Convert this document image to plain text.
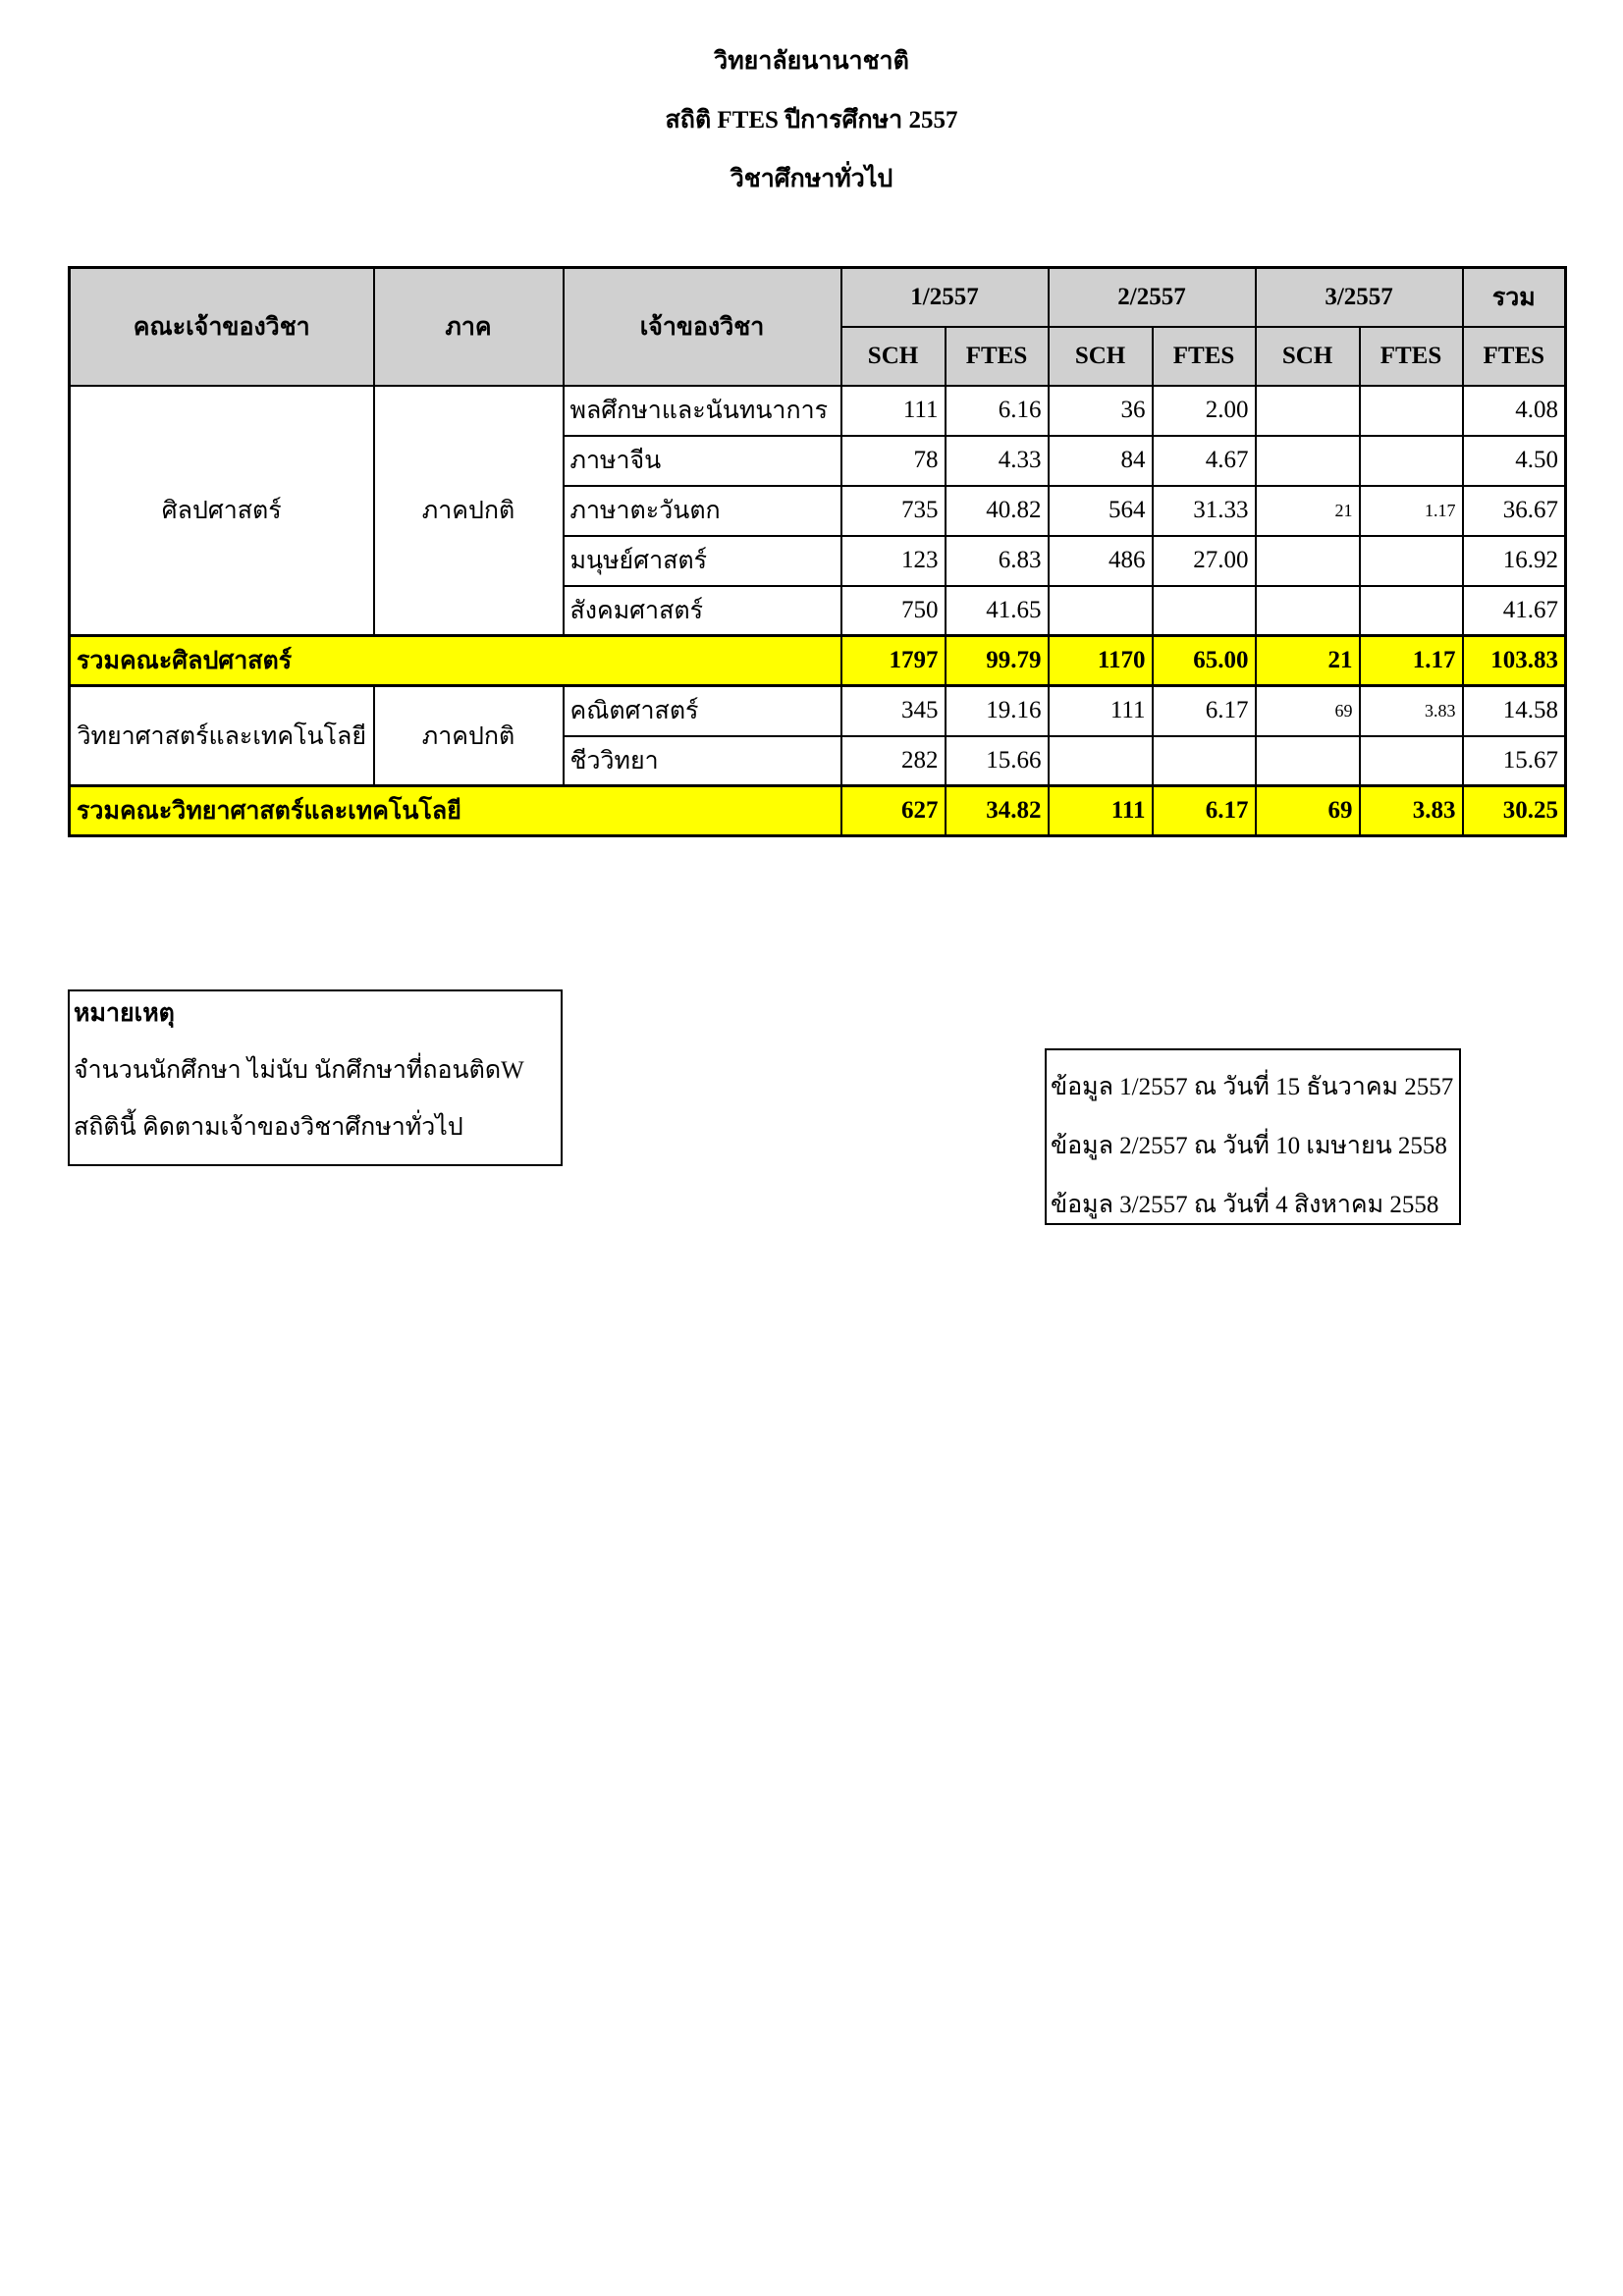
วิทยาลัยนานาชาติ
สถิติ FTES ปีการศึกษา 2557
วิชาศึกษาทั่วไป
คณะเจ้าของวิชา	ภาค	เจ้าของวิชา	1/2557		2/2557		3/2557		รวม
			SCH	FTES	SCH	FTES	SCH	FTES	FTES
ศิลปศาสตร์	ภาคปกติ	พลศึกษาและนันทนาการ	111	6.16	36	2.00			4.08
		ภาษาจีน	78	4.33	84	4.67			4.50
		ภาษาตะวันตก	735	40.82	564	31.33	21	1.17	36.67
		มนุษย์ศาสตร์	123	6.83	486	27.00			16.92
		สังคมศาสตร์	750	41.65					41.67
รวมคณะศิลปศาสตร์			1797	99.79	1170	65.00	21	1.17	103.83
วิทยาศาสตร์และเทคโนโลยี	ภาคปกติ	คณิตศาสตร์	345	19.16	111	6.17	69	3.83	14.58
		ชีววิทยา	282	15.66					15.67
รวมคณะวิทยาศาสตร์และเทคโนโลยี			627	34.82	111	6.17	69	3.83	30.25
หมายเหตุ
จำนวนนักศึกษา ไม่นับ นักศึกษาที่ถอนติดW
สถิตินี้ คิดตามเจ้าของวิชาศึกษาทั่วไป
ข้อมูล 1/2557 ณ วันที่ 15 ธันวาคม 2557
ข้อมูล 2/2557 ณ วันที่ 10 เมษายน 2558
ข้อมูล 3/2557 ณ วันที่ 4 สิงหาคม 2558
